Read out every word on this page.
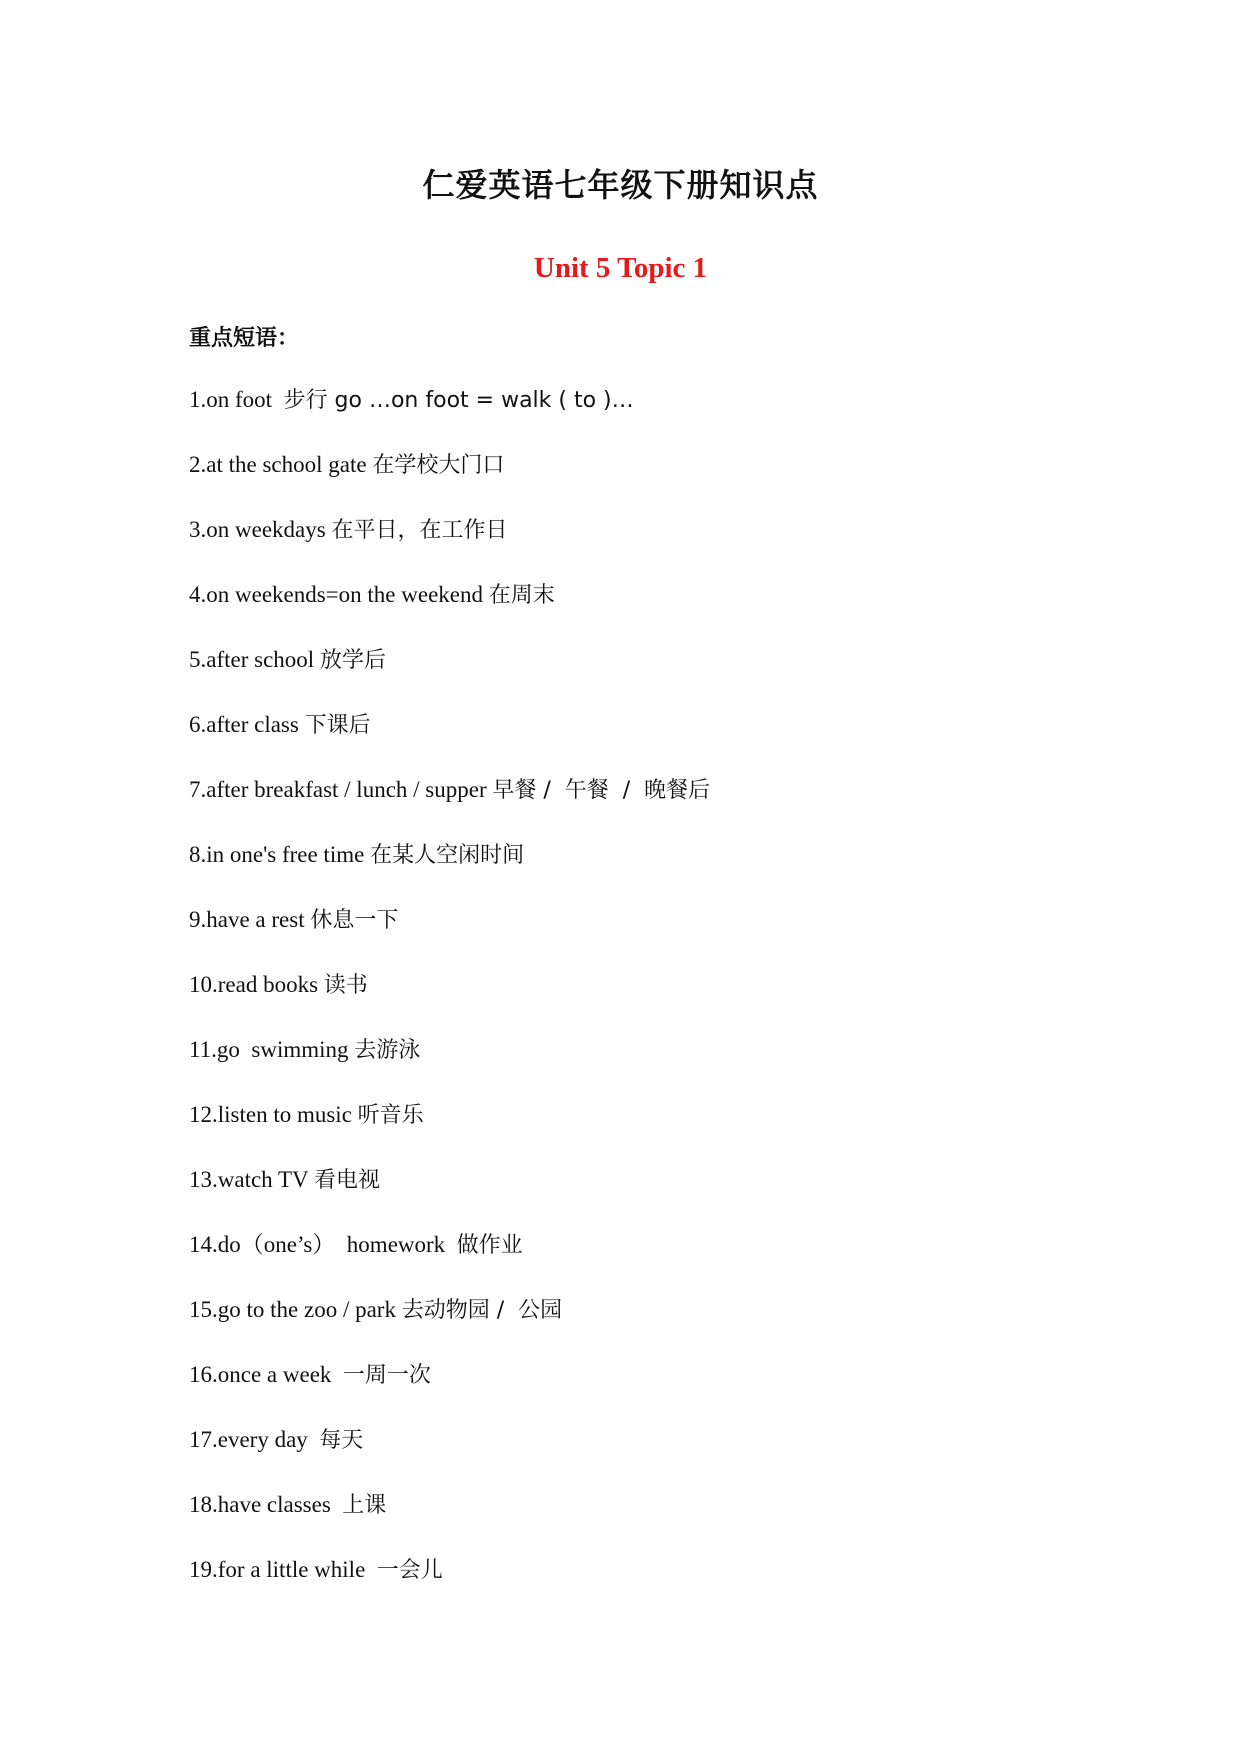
仁爱英语七年级下册知识点
Unit 5 Topic 1
重点短语：
1.on foot  步行 go …on foot = walk ( to )…
2.at the school gate 在学校大门口
3.on weekdays 在平日，在工作日
4.on weekends=on the weekend 在周末
5.after school 放学后
6.after class 下课后
7.after breakfast / lunch / supper 早餐 /  午餐  /  晚餐后
8.in one's free time 在某人空闲时间
9.have a rest 休息一下
10.read books 读书
11.go  swimming 去游泳
12.listen to music 听音乐
13.watch TV 看电视
14.do（one’s）  homework  做作业
15.go to the zoo / park 去动物园 /  公园
16.once a week  一周一次
17.every day  每天
18.have classes  上课
19.for a little while  一会儿
